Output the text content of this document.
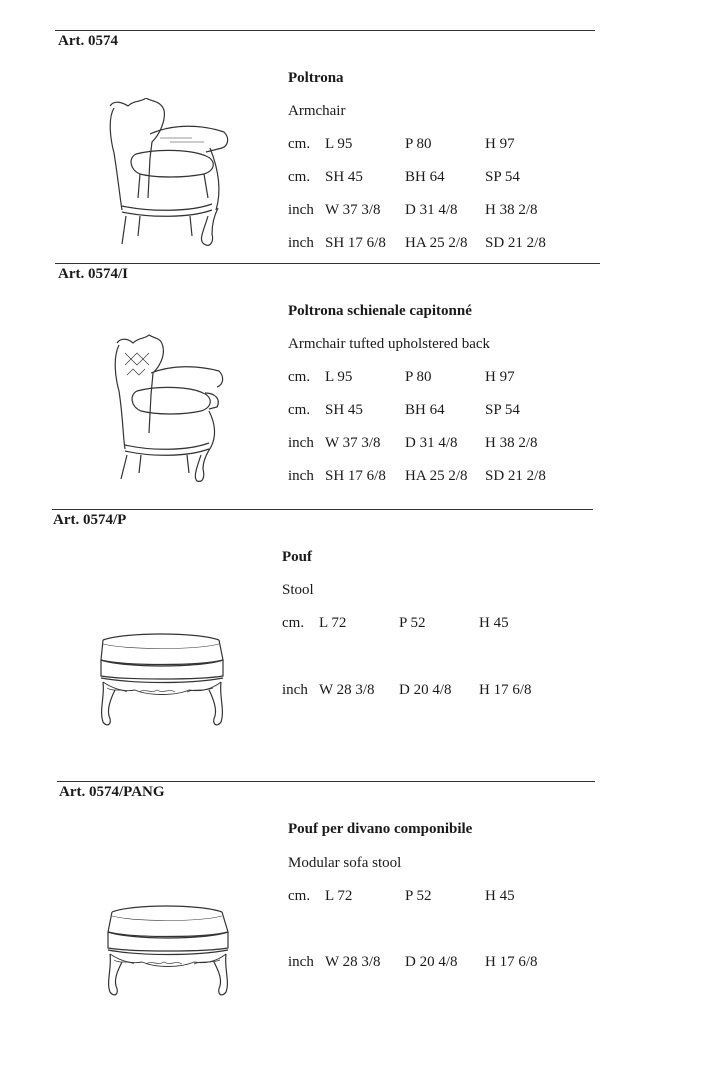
Art. 0574
Poltrona
Armchair
cm. L 95	P 80	H 97
cm. SH 45	BH 64	SP 54
inch W 37 3/8 D 31 4/8 H 38 2/8
inch SH 17 6/8 HA 25 2/8 SD 21 2/8
Art. 0574/I
Poltrona schienale capitonné
Armchair tufted upholstered back
cm. L 95	P 80	H 97
cm. SH 45	BH 64	SP 54
inch W 37 3/8 D 31 4/8 H 38 2/8
inch SH 17 6/8 HA 25 2/8 SD 21 2/8
Art. 0574/P
Pouf
Stool
cm. L 72	P 52	H 45
inch W 28 3/8 D 20 4/8 H 17 6/8
Art. 0574/PANG
Pouf per divano componibile
Modular sofa stool
cm. L 72	P 52	H 45
inch W 28 3/8 D 20 4/8 H 17 6/8
